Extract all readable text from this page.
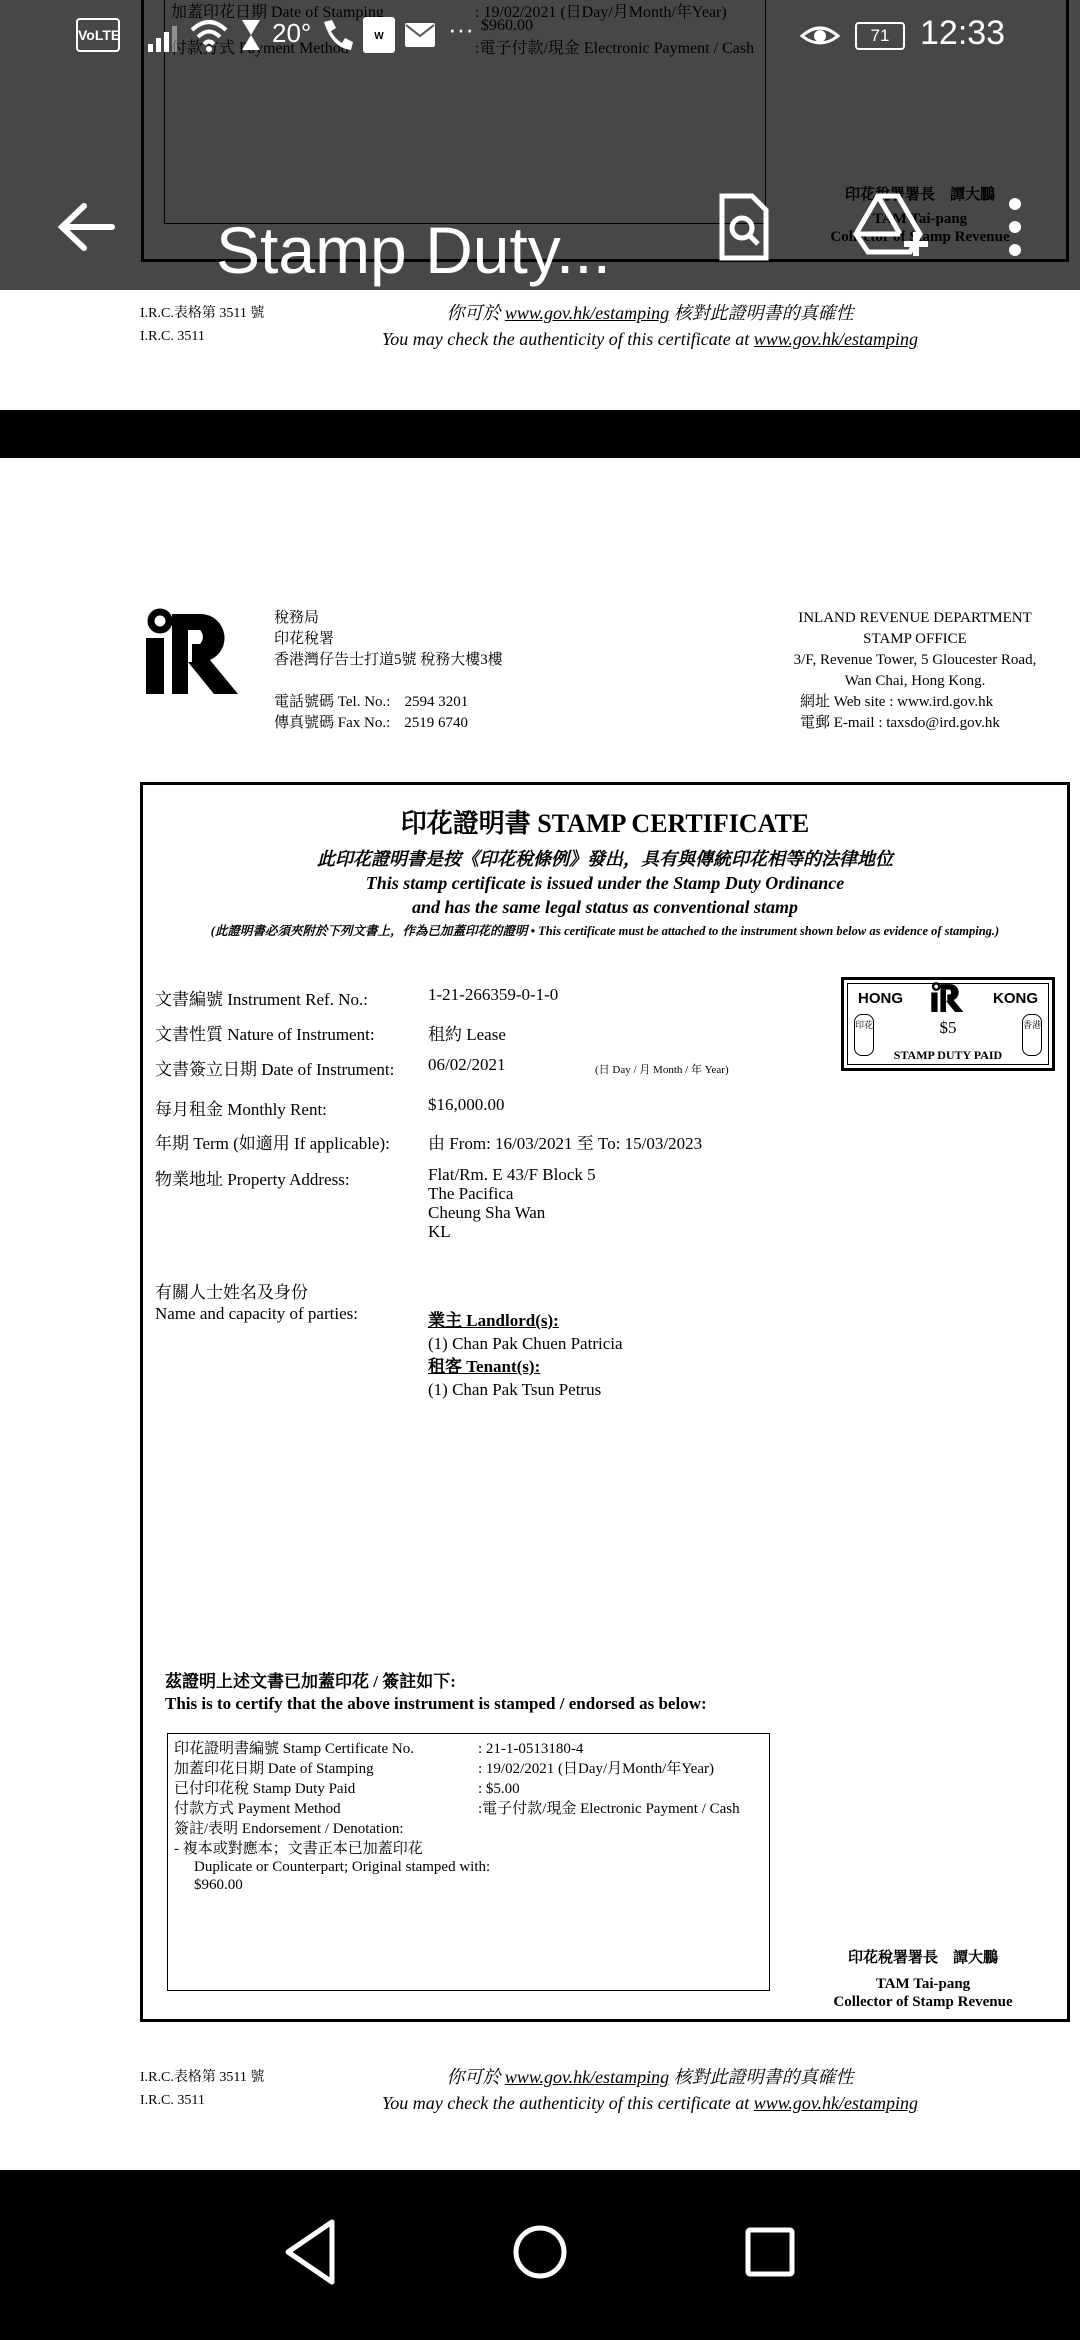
I.R.C.表格第 3511 號
I.R.C. 3511
你可於 www.gov.hk/estamping 核對此證明書的真確性
You may check the authenticity of this certificate at www.gov.hk/estamping
稅務局
印花稅署
香港灣仔告士打道5號 稅務大樓3樓
電話號碼 Tel. No.: 2594 3201
傳真號碼 Fax No.: 2519 6740
INLAND REVENUE DEPARTMENT
STAMP OFFICE
3/F, Revenue Tower, 5 Gloucester Road,
Wan Chai, Hong Kong.
網址 Web site : www.ird.gov.hk
電郵 E-mail : taxsdo@ird.gov.hk
印花證明書 STAMP CERTIFICATE
此印花證明書是按《印花稅條例》發出，具有與傳統印花相等的法律地位
This stamp certificate is issued under the Stamp Duty Ordinance
and has the same legal status as conventional stamp
(此證明書必須夾附於下列文書上，作為已加蓋印花的證明 • This certificate must be attached to the instrument shown below as evidence of stamping.)
文書編號 Instrument Ref. No.:	1-21-266359-0-1-0
文書性質 Nature of Instrument:	租約 Lease
文書簽立日期 Date of Instrument: 06/02/2021	(日 Day / 月 Month / 年 Year)
每月租金 Monthly Rent:	$16,000.00
年期 Term (如適用 If applicable): 由 From: 16/03/2021 至 To: 15/03/2023
物業地址 Property Address:	Flat/Rm. E 43/F Block 5
The Pacifica
Cheung Sha Wan
KL
有關人士姓名及身份
Name and capacity of parties:	業主 Landlord(s):
(1) Chan Pak Chuen Patricia
租客 Tenant(s):
(1) Chan Pak Tsun Petrus
HONG	KONG
印花	香港
$5
STAMP DUTY PAID
茲證明上述文書已加蓋印花 / 簽註如下:
This is to certify that the above instrument is stamped / endorsed as below:
印花證明書編號 Stamp Certificate No.	: 21-1-0513180-4
加蓋印花日期 Date of Stamping	: 19/02/2021 (日Day/月Month/年Year)
已付印花稅 Stamp Duty Paid	: $5.00
付款方式 Payment Method	:電子付款/現金 Electronic Payment / Cash
簽註/表明 Endorsement / Denotation:
- 複本或對應本；文書正本已加蓋印花
Duplicate or Counterpart; Original stamped with:
$960.00
印花稅署署長　譚大鵬
TAM Tai-pang
Collector of Stamp Revenue
I.R.C.表格第 3511 號
I.R.C. 3511
你可於 www.gov.hk/estamping 核對此證明書的真確性
You may check the authenticity of this certificate at www.gov.hk/estamping
VoLTE	20°	W ···	71 12:33
Stamp Duty...
